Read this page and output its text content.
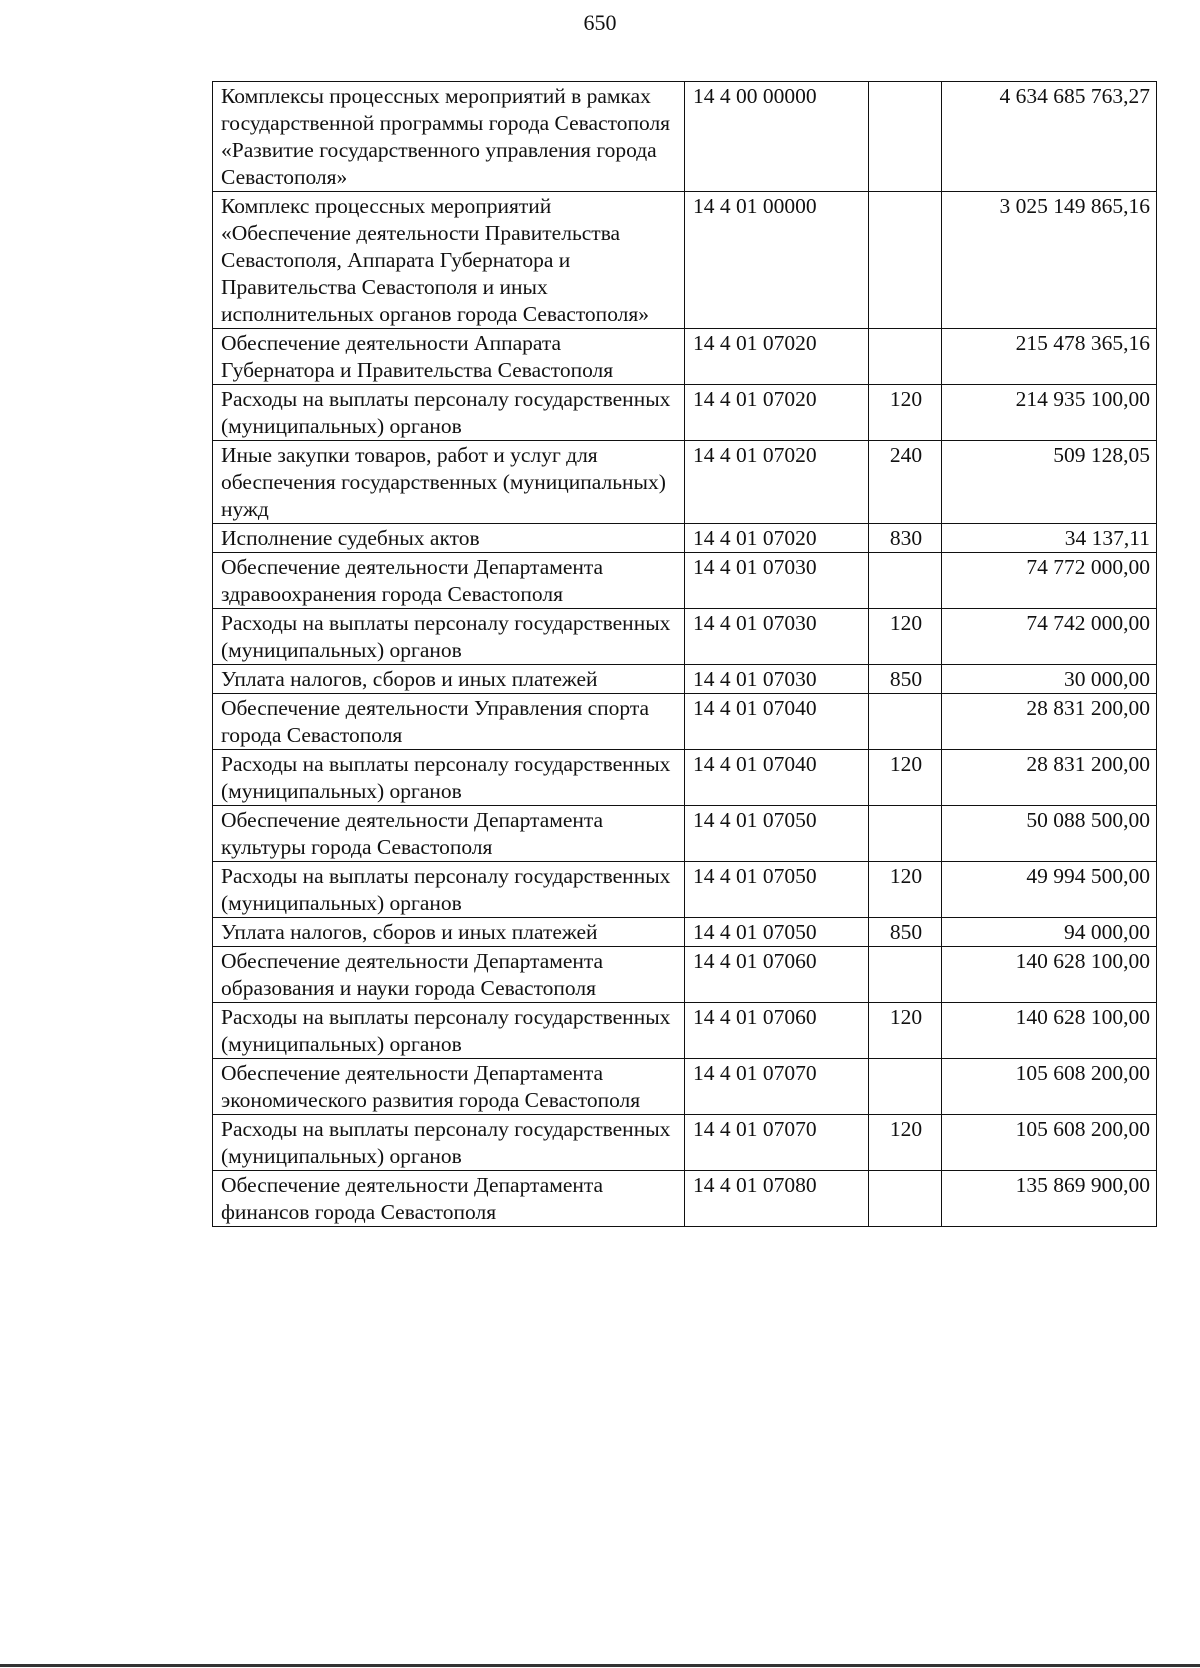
650
Комплексы процессных мероприятий в рамках государственной программы города Севастополя «Развитие государственного управления города Севастополя»	14 4 00 00000		4 634 685 763,27
Комплекс процессных мероприятий «Обеспечение деятельности Правительства Севастополя, Аппарата Губернатора и Правительства Севастополя и иных исполнительных органов города Севастополя»	14 4 01 00000		3 025 149 865,16
Обеспечение деятельности Аппарата Губернатора и Правительства Севастополя	14 4 01 07020		215 478 365,16
Расходы на выплаты персоналу государственных (муниципальных) органов	14 4 01 07020	120	214 935 100,00
Иные закупки товаров, работ и услуг для обеспечения государственных (муниципальных) нужд	14 4 01 07020	240	509 128,05
Исполнение судебных актов	14 4 01 07020	830	34 137,11
Обеспечение деятельности Департамента здравоохранения города Севастополя	14 4 01 07030		74 772 000,00
Расходы на выплаты персоналу государственных (муниципальных) органов	14 4 01 07030	120	74 742 000,00
Уплата налогов, сборов и иных платежей	14 4 01 07030	850	30 000,00
Обеспечение деятельности Управления спорта города Севастополя	14 4 01 07040		28 831 200,00
Расходы на выплаты персоналу государственных (муниципальных) органов	14 4 01 07040	120	28 831 200,00
Обеспечение деятельности Департамента культуры города Севастополя	14 4 01 07050		50 088 500,00
Расходы на выплаты персоналу государственных (муниципальных) органов	14 4 01 07050	120	49 994 500,00
Уплата налогов, сборов и иных платежей	14 4 01 07050	850	94 000,00
Обеспечение деятельности Департамента образования и науки города Севастополя	14 4 01 07060		140 628 100,00
Расходы на выплаты персоналу государственных (муниципальных) органов	14 4 01 07060	120	140 628 100,00
Обеспечение деятельности Департамента экономического развития города Севастополя	14 4 01 07070		105 608 200,00
Расходы на выплаты персоналу государственных (муниципальных) органов	14 4 01 07070	120	105 608 200,00
Обеспечение деятельности Департамента финансов города Севастополя	14 4 01 07080		135 869 900,00
